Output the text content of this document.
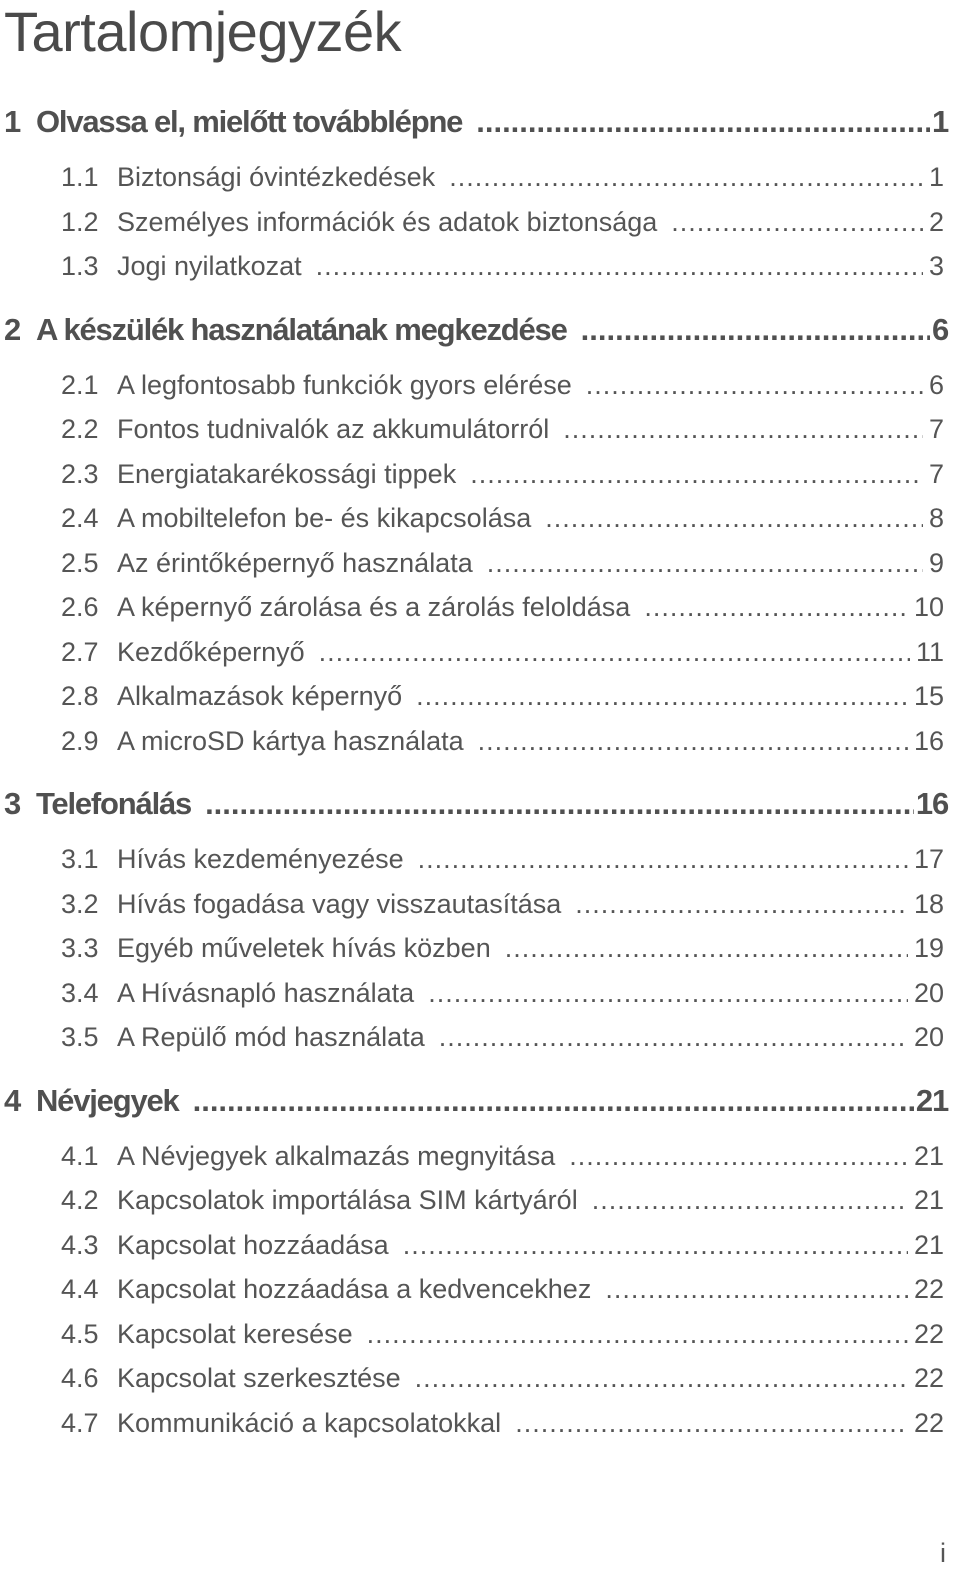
Tartalomjegyzék
1 Olvassa el, mielőtt továbblépne .....	1
1.1 Biztonsági óvintézkedések .....	1
1.2 Személyes információk és adatok biztonsága .....	2
1.3 Jogi nyilatkozat .....	3
2 A készülék használatának megkezdése .....	6
2.1 A legfontosabb funkciók gyors elérése .....	6
2.2 Fontos tudnivalók az akkumulátorról .....	7
2.3 Energiatakarékossági tippek .....	7
2.4 A mobiltelefon be- és kikapcsolása .....	8
2.5 Az érintőképernyő használata .....	9
2.6 A képernyő zárolása és a zárolás feloldása .....	10
2.7 Kezdőképernyő .....	11
2.8 Alkalmazások képernyő .....	15
2.9 A microSD kártya használata .....	16
3 Telefonálás .....	16
3.1 Hívás kezdeményezése .....	17
3.2 Hívás fogadása vagy visszautasítása .....	18
3.3 Egyéb műveletek hívás közben .....	19
3.4 A Hívásnapló használata .....	20
3.5 A Repülő mód használata .....	20
4 Névjegyek .....	21
4.1 A Névjegyek alkalmazás megnyitása .....	21
4.2 Kapcsolatok importálása SIM kártyáról .....	21
4.3 Kapcsolat hozzáadása .....	21
4.4 Kapcsolat hozzáadása a kedvencekhez .....	22
4.5 Kapcsolat keresése .....	22
4.6 Kapcsolat szerkesztése .....	22
4.7 Kommunikáció a kapcsolatokkal .....	22
i
